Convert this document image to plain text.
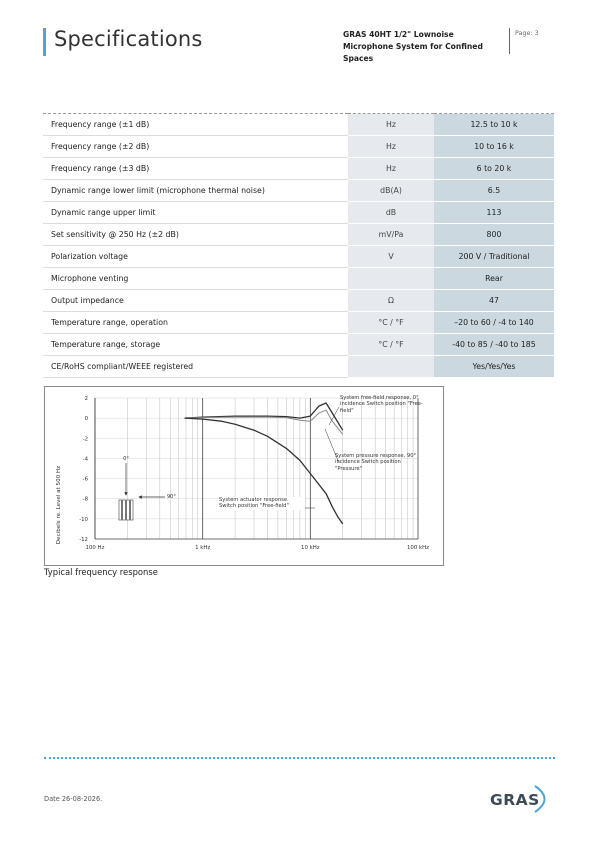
Specifications	GRAS 40HT 1/2" Lownoise Microphone System for Confined Spaces
Page: 3
Frequency range (±1 dB)	Hz	12.5 to 10 k
Frequency range (±2 dB)	Hz	10 to 16 k
Frequency range (±3 dB)	Hz	6 to 20 k
Dynamic range lower limit (microphone thermal noise)	dB(A)	6.5
Dynamic range upper limit	dB	113
Set sensitivity @ 250 Hz (±2 dB)	mV/Pa	800
Polarization voltage	V	200 V / Traditional
Microphone venting		Rear
Output impedance	Ω	47
Temperature range, operation	°C / °F	–20 to 60 / -4 to 140
Temperature range, storage	°C / °F	-40 to 85 / -40 to 185
CE/RoHS compliant/WEEE registered		Yes/Yes/Yes
100 Hz	1 kHz	10 kHz	100 kHz
2
0
-2
-4
-6
-8
-10
-12
Decibels re. Level at 500 Hz
0°
90°
System free-field response, 0° incidence Switch position "Free-field"
System pressure response, 90° incidence Switch position "Pressure"
System actuator response Switch position "Free-field"
Typical frequency response
Date 26-08-2026.	GRAS
